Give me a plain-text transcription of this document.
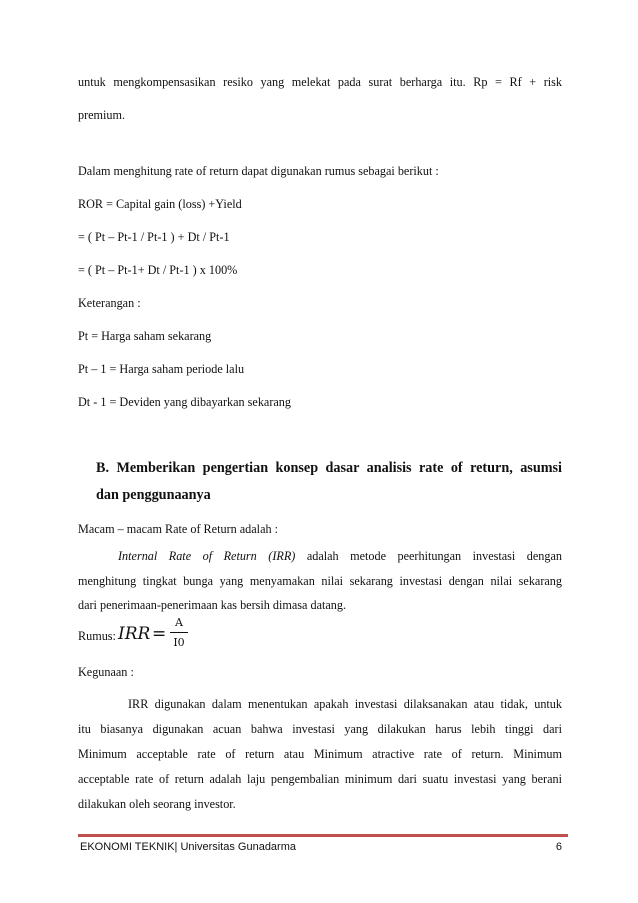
untuk mengkompensasikan resiko yang melekat pada surat berharga itu. Rp = Rf + risk
premium.
Dalam menghitung rate of return dapat digunakan rumus sebagai berikut :
ROR = Capital gain (loss) +Yield
= ( Pt – Pt-1 / Pt-1 ) + Dt / Pt-1
= ( Pt – Pt-1+ Dt / Pt-1 ) x 100%
Keterangan :
Pt = Harga saham sekarang
Pt – 1 = Harga saham periode lalu
Dt - 1 = Deviden yang dibayarkan sekarang
B. Memberikan pengertian konsep dasar analisis rate of return, asumsi
dan penggunaanya
Macam – macam Rate of Return adalah :
Internal Rate of Return (IRR) adalah metode peerhitungan investasi dengan
menghitung tingkat bunga yang menyamakan nilai sekarang investasi dengan nilai sekarang
dari penerimaan-penerimaan kas bersih dimasa datang.
Rumus: IRR =
A
I0
Kegunaan :
IRR digunakan dalam menentukan apakah investasi dilaksanakan atau tidak, untuk
itu biasanya digunakan acuan bahwa investasi yang dilakukan harus lebih tinggi dari
Minimum acceptable rate of return atau Minimum atractive rate of return. Minimum
acceptable rate of return adalah laju pengembalian minimum dari suatu investasi yang berani
dilakukan oleh seorang investor.
EKONOMI TEKNIK| Universitas Gunadarma	6
